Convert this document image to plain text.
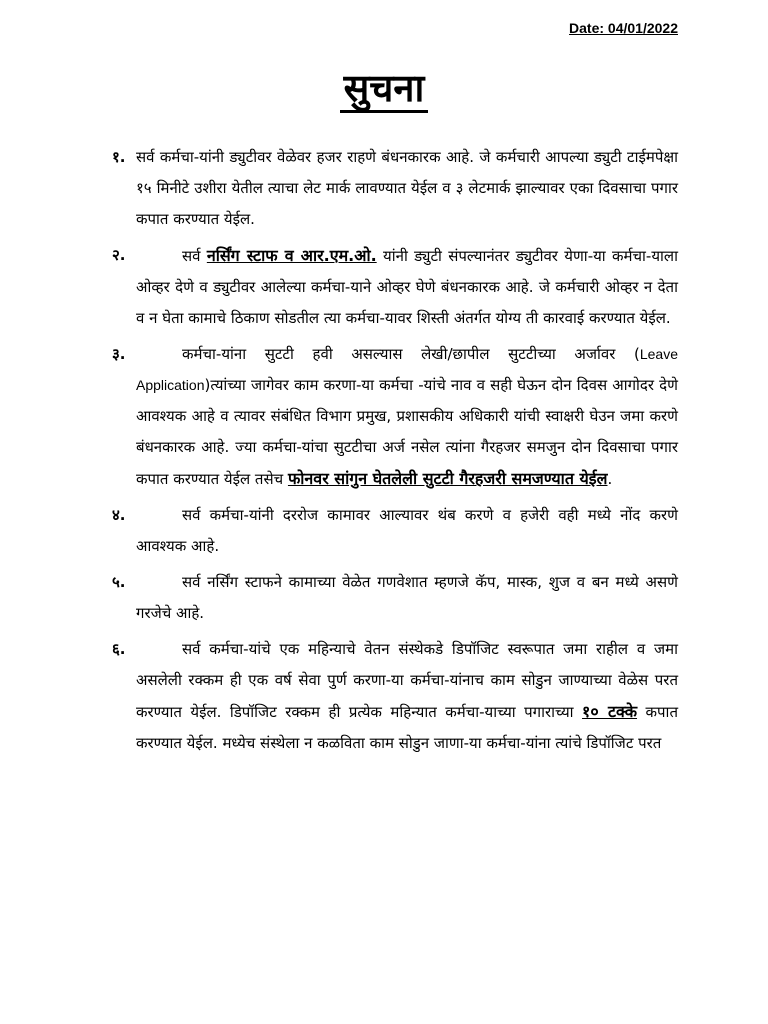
Date: 04/01/2022
सुचना
१. सर्व कर्मचा-यांनी ड्युटीवर वेळेवर हजर राहणे बंधनकारक आहे. जे कर्मचारी आपल्या ड्युटी टाईमपेक्षा १५ मिनीटे उशीरा येतील त्याचा लेट मार्क लावण्यात येईल व ३ लेटमार्क झाल्यावर एका दिवसाचा पगार कपात करण्यात येईल.
२.	सर्व नर्सिंग स्टाफ व आर.एम.ओ. यांनी ड्युटी संपल्यानंतर ड्युटीवर येणा-या कर्मचा-याला ओव्हर देणे व ड्युटीवर आलेल्या कर्मचा-याने ओव्हर घेणे बंधनकारक आहे. जे कर्मचारी ओव्हर न देता व न घेता कामाचे ठिकाण सोडतील त्या कर्मचा-यावर शिस्ती अंतर्गत योग्य ती कारवाई करण्यात येईल.
३.	कर्मचा-यांना सुटटी हवी असल्यास लेखी/छापील सुटटीच्या अर्जावर (Leave Application)त्यांच्या जागेवर काम करणा-या कर्मचा -यांचे नाव व सही घेऊन दोन दिवस आगोदर देणे आवश्यक आहे व त्यावर संबंधित विभाग प्रमुख, प्रशासकीय अधिकारी यांची स्वाक्षरी घेउन जमा करणे बंधनकारक आहे. ज्या कर्मचा-यांचा सुटटीचा अर्ज नसेल त्यांना गैरहजर समजुन दोन दिवसाचा पगार कपात करण्यात येईल तसेच फोनवर सांगुन घेतलेली सुटटी गैरहजरी समजण्यात येईल.
४.	सर्व कर्मचा-यांनी दररोज कामावर आल्यावर थंब करणे व हजेरी वही मध्ये नोंद करणे आवश्यक आहे.
५.	सर्व नर्सिंग स्टाफने कामाच्या वेळेत गणवेशात म्हणजे कॅप, मास्क, शुज व बन मध्ये असणे गरजेचे आहे.
६.	सर्व कर्मचा-यांचे एक महिन्याचे वेतन संस्थेकडे डिपॉजिट स्वरूपात जमा राहील व जमा असलेली रक्कम ही एक वर्ष सेवा पुर्ण करणा-या कर्मचा-यांनाच काम सोडुन जाण्याच्या वेळेस परत करण्यात येईल. डिपॉजिट रक्कम ही प्रत्येक महिन्यात कर्मचा-याच्या पगाराच्या १० टक्के कपात करण्यात येईल. मध्येच संस्थेला न कळविता काम सोडुन जाणा-या कर्मचा-यांना त्यांचे डिपॉजिट परत
